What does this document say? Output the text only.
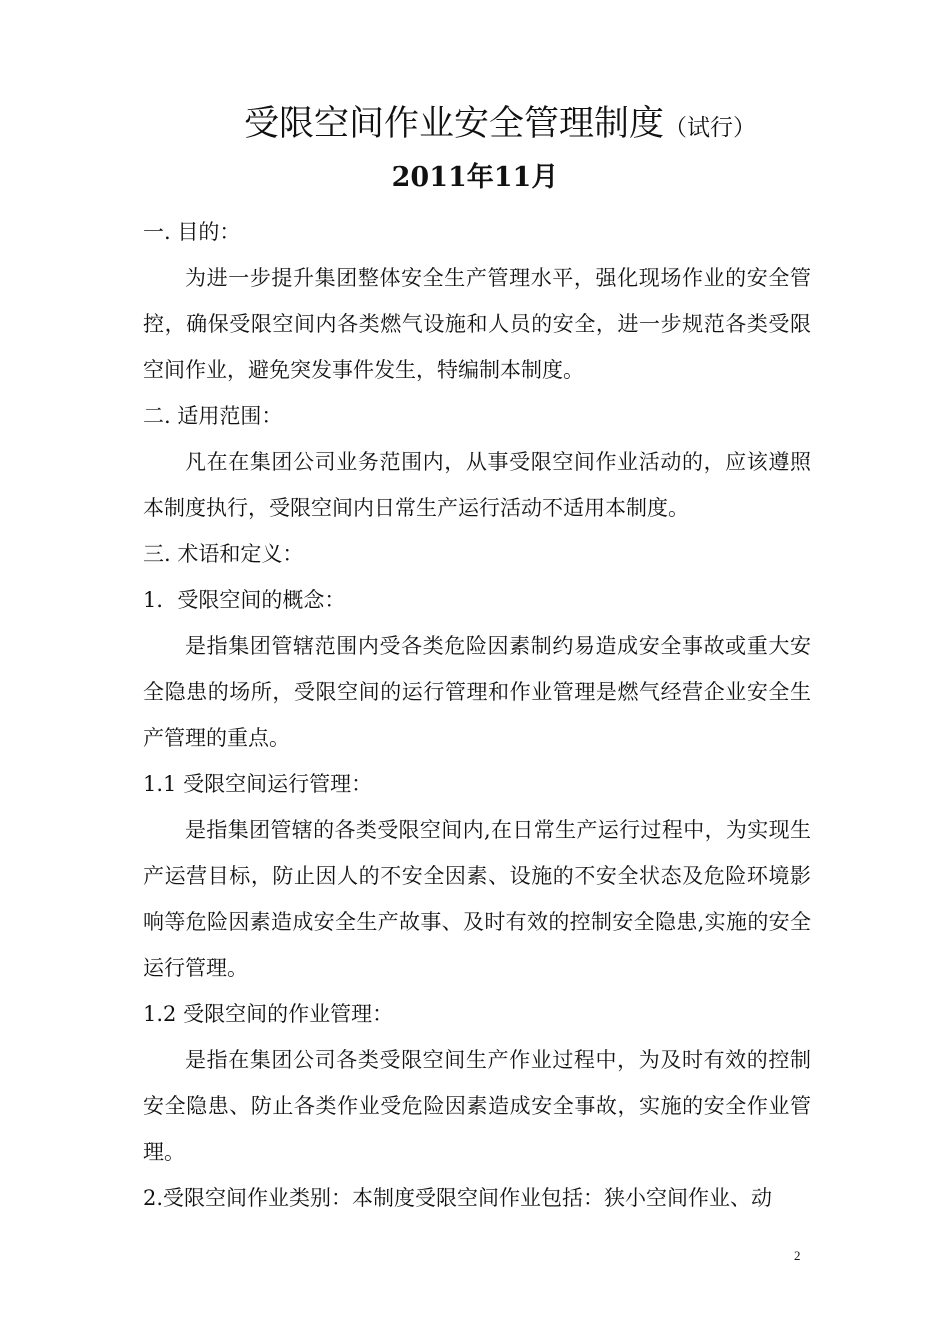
受限空间作业安全管理制度（试行）
2011年11月

一. 目的：

为进一步提升集团整体安全生产管理水平，强化现场作业的安全管控，确保受限空间内各类燃气设施和人员的安全，进一步规范各类受限空间作业，避免突发事件发生，特编制本制度。

二. 适用范围：

凡在在集团公司业务范围内，从事受限空间作业活动的，应该遵照本制度执行，受限空间内日常生产运行活动不适用本制度。

三. 术语和定义：

1．受限空间的概念：

是指集团管辖范围内受各类危险因素制约易造成安全事故或重大安全隐患的场所，受限空间的运行管理和作业管理是燃气经营企业安全生产管理的重点。

1.1 受限空间运行管理：

是指集团管辖的各类受限空间内,在日常生产运行过程中，为实现生产运营目标，防止因人的不安全因素、设施的不安全状态及危险环境影响等危险因素造成安全生产故事、及时有效的控制安全隐患,实施的安全运行管理。

1.2 受限空间的作业管理：

是指在集团公司各类受限空间生产作业过程中，为及时有效的控制安全隐患、防止各类作业受危险因素造成安全事故，实施的安全作业管理。

2.受限空间作业类别：本制度受限空间作业包括：狭小空间作业、动

2
